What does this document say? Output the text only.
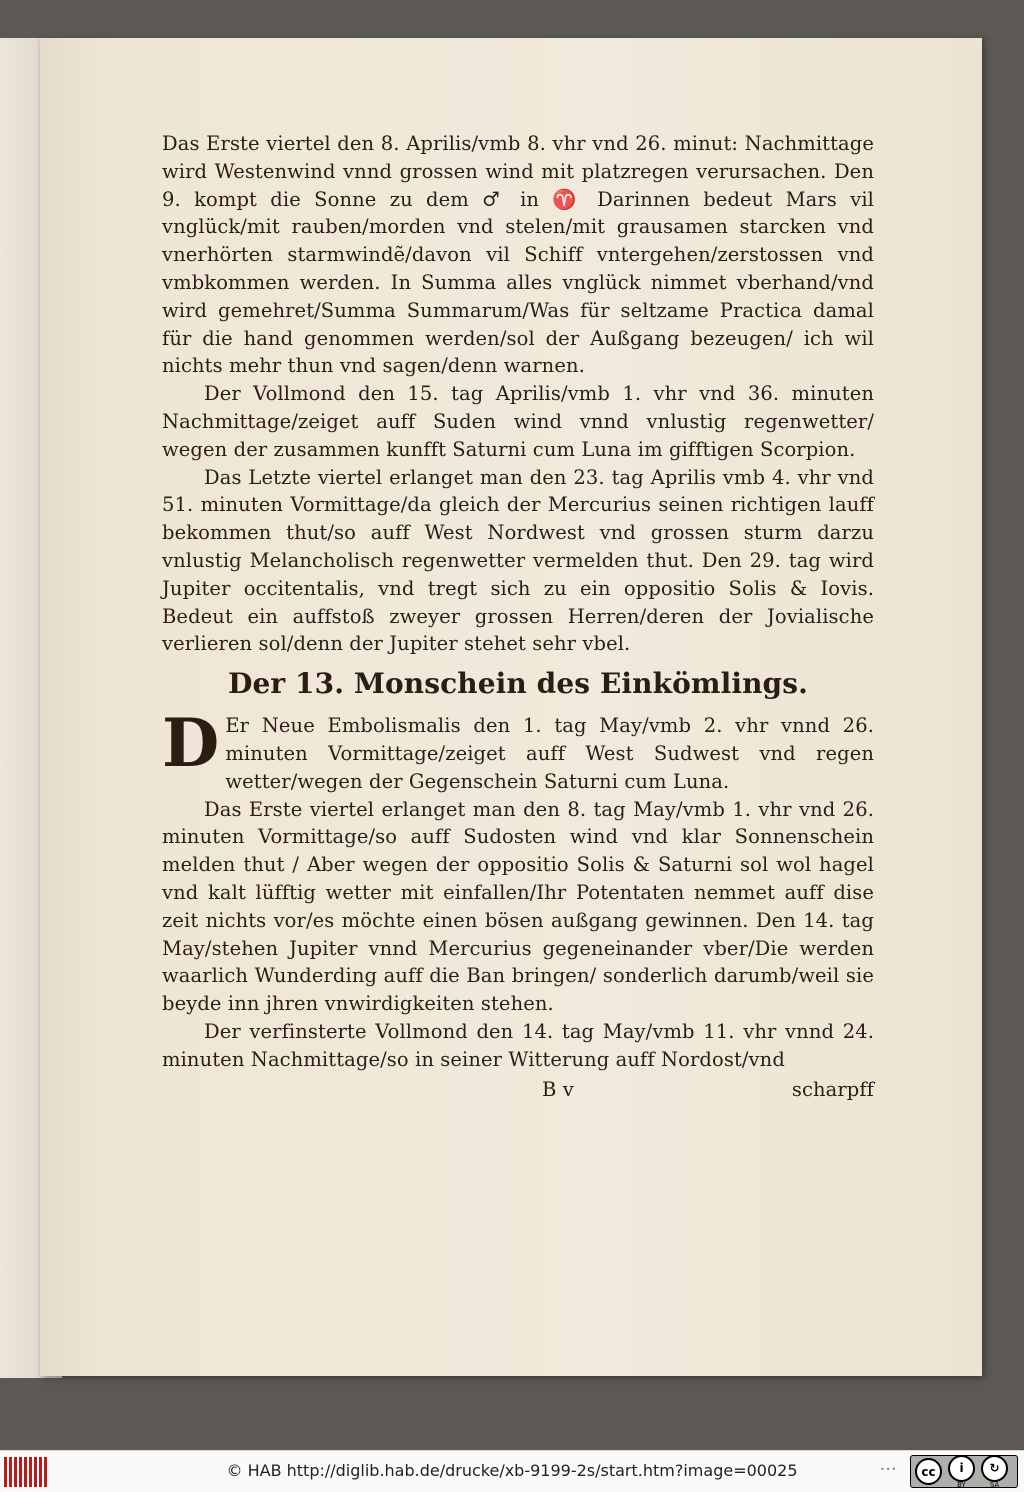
Das Erste viertel den 8. Aprilis/vmb 8. vhr vnd 26. minut: Nachmittage wird Westenwind vnnd grossen wind mit platzregen verursachen. Den 9. kompt die Sonne zu dem ♂ in ♈ Darinnen bedeut Mars vil vnglück/mit rauben/morden vnd stelen/mit grausamen starcken vnd vnerhörten starmwindẽ/davon vil Schiff vntergehen/zerstossen vnd vmbkommen werden. In Summa alles vnglück nimmet vberhand/vnd wird gemehret/Summa Summarum/Was für seltzame Practica damal für die hand genommen werden/sol der Außgang bezeugen/ ich wil nichts mehr thun vnd sagen/denn warnen.

Der Vollmond den 15. tag Aprilis/vmb 1. vhr vnd 36. minuten Nachmittage/zeiget auff Suden wind vnnd vnlustig regenwetter/ wegen der zusammen kunfft Saturni cum Luna im gifftigen Scorpion.

Das Letzte viertel erlanget man den 23. tag Aprilis vmb 4. vhr vnd 51. minuten Vormittage/da gleich der Mercurius seinen richtigen lauff bekommen thut/so auff West Nordwest vnd grossen sturm darzu vnlustig Melancholisch regenwetter vermelden thut. Den 29. tag wird Jupiter occitentalis, vnd tregt sich zu ein oppositio Solis & Iovis. Bedeut ein auffstoß zweyer grossen Herren/deren der Jovialische verlieren sol/denn der Jupiter stehet sehr vbel.

Der 13. Monschein des Einkömlings.

D Er Neue Embolismalis den 1. tag May/vmb 2. vhr vnnd 26. minuten Vormittage/zeiget auff West Sudwest vnd regen wetter/wegen der Gegenschein Saturni cum Luna.

Das Erste viertel erlanget man den 8. tag May/vmb 1. vhr vnd 26. minuten Vormittage/so auff Sudosten wind vnd klar Sonnenschein melden thut / Aber wegen der oppositio Solis & Saturni sol wol hagel vnd kalt lüfftig wetter mit einfallen/Ihr Potentaten nemmet auff dise zeit nichts vor/es möchte einen bösen außgang gewinnen. Den 14. tag May/stehen Jupiter vnnd Mercurius gegeneinander vber/Die werden waarlich Wunderding auff die Ban bringen/ sonderlich darumb/weil sie beyde inn jhren vnwirdigkeiten stehen.

Der verfinsterte Vollmond den 14. tag May/vmb 11. vhr vnnd 24. minuten Nachmittage/so in seiner Witterung auff Nordost/vnd

B v	scharpff
© HAB http://diglib.hab.de/drucke/xb-9199-2s/start.htm?image=00025	•••	cc	i
BY
↻
SA
